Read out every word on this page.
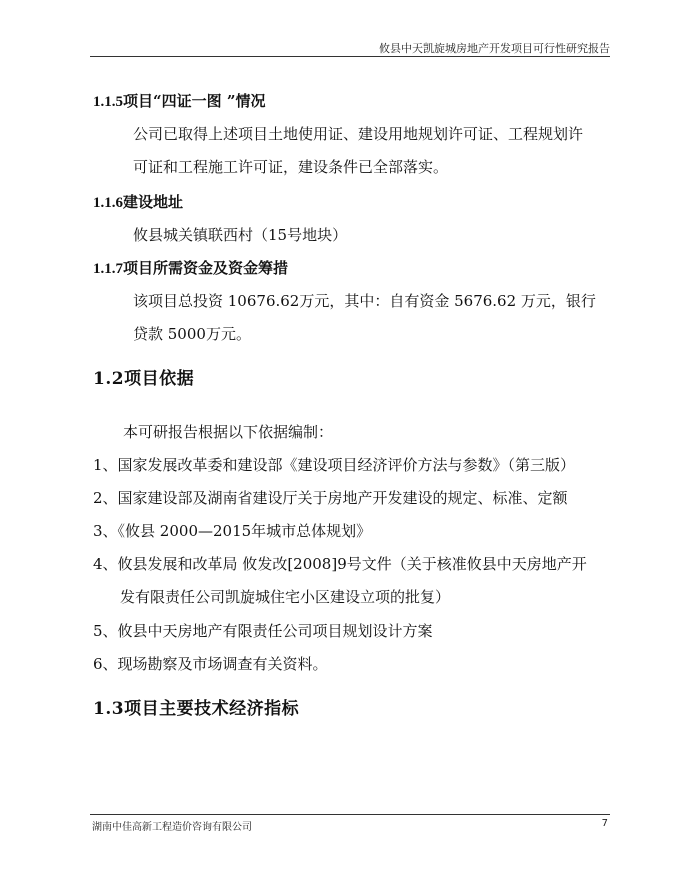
攸县中天凯旋城房地产开发项目可行性研究报告
1.1.5项目“四证一图 ”情况
公司已取得上述项目土地使用证、建设用地规划许可证、工程规划许
可证和工程施工许可证，建设条件已全部落实。
1.1.6建设地址
攸县城关镇联西村（15号地块）
1.1.7项目所需资金及资金筹措
该项目总投资 10676.62万元，其中：自有资金 5676.62 万元，银行
贷款 5000万元。
1.2项目依据
本可研报告根据以下依据编制：
1、国家发展改革委和建设部《建设项目经济评价方法与参数》（第三版）
2、国家建设部及湖南省建设厅关于房地产开发建设的规定、标准、定额
3、《攸县 2000—2015年城市总体规划》
4、攸县发展和改革局 攸发改[2008]9号文件（关于核准攸县中天房地产开
发有限责任公司凯旋城住宅小区建设立项的批复）
5、攸县中天房地产有限责任公司项目规划设计方案
6、现场勘察及市场调查有关资料。
1.3项目主要技术经济指标
湖南中佳高新工程造价咨询有限公司	7
